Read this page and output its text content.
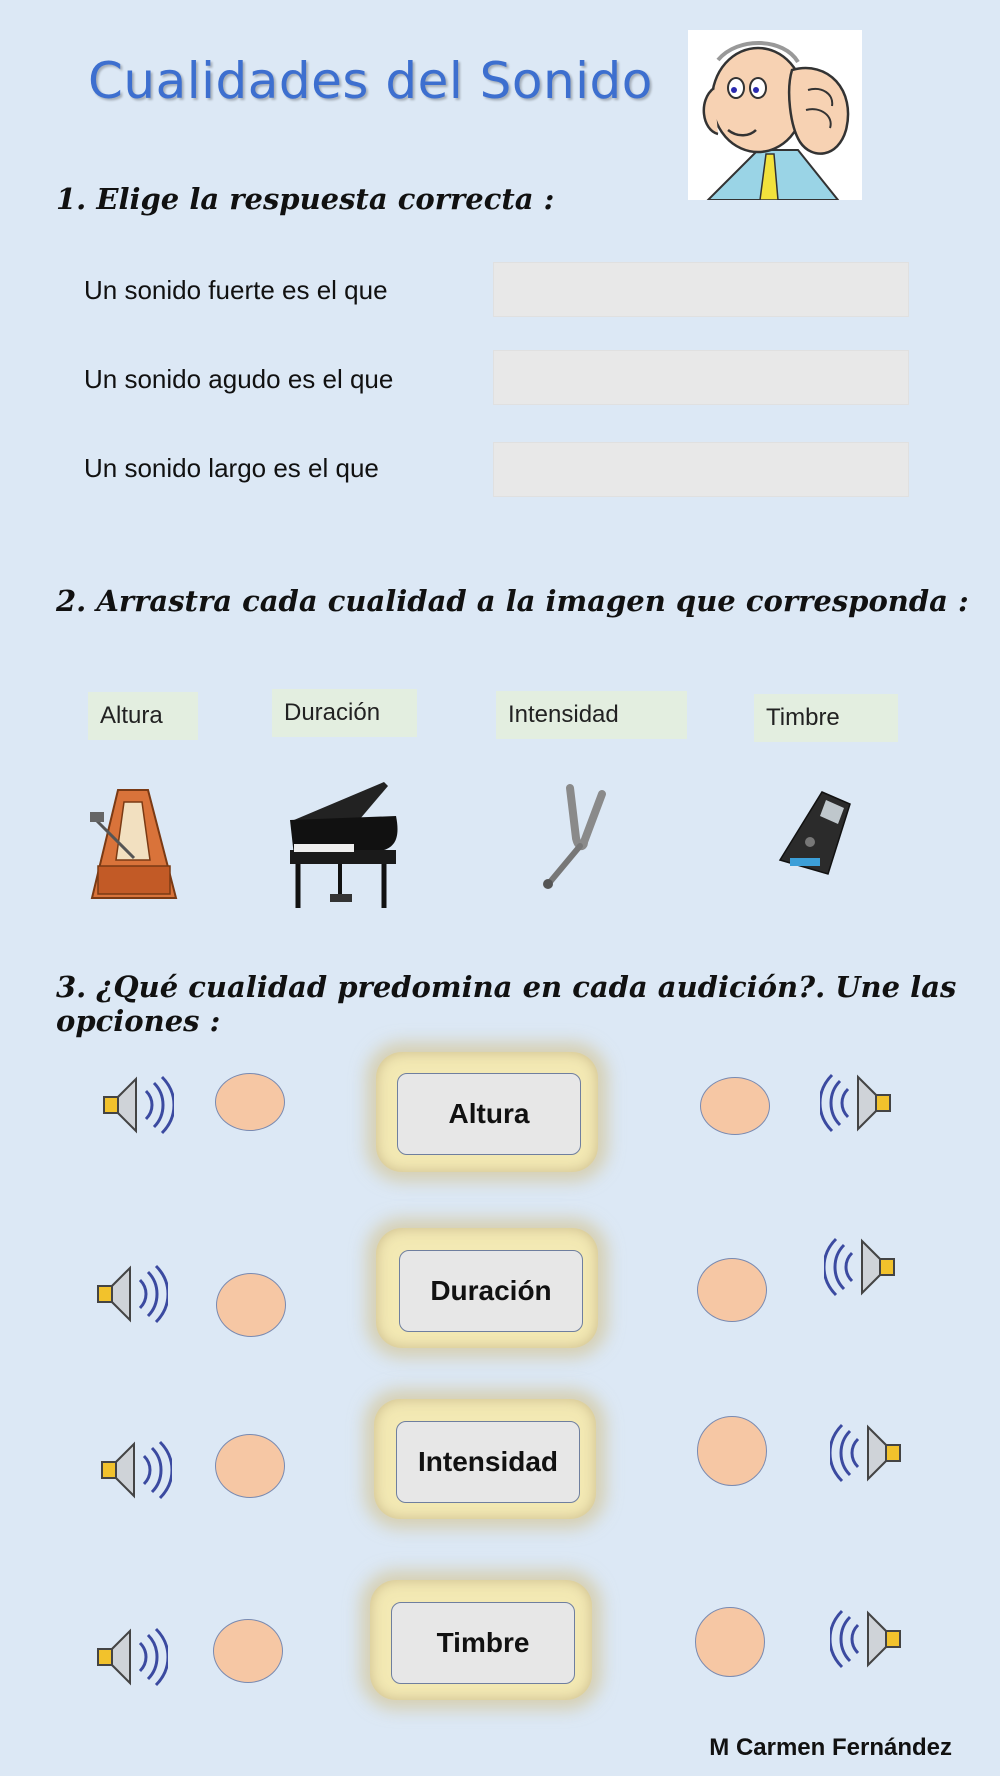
Cualidades del Sonido
1. Elige la respuesta correcta :
Un sonido fuerte es el que
Un sonido agudo es el que
Un sonido largo es el que
2. Arrastra cada cualidad a la imagen que corresponda :
Altura	Duración	Intensidad	Timbre
3. ¿Qué cualidad predomina en cada audición?. Une las opciones :
Altura
Duración
Intensidad
Timbre
M Carmen Fernández
